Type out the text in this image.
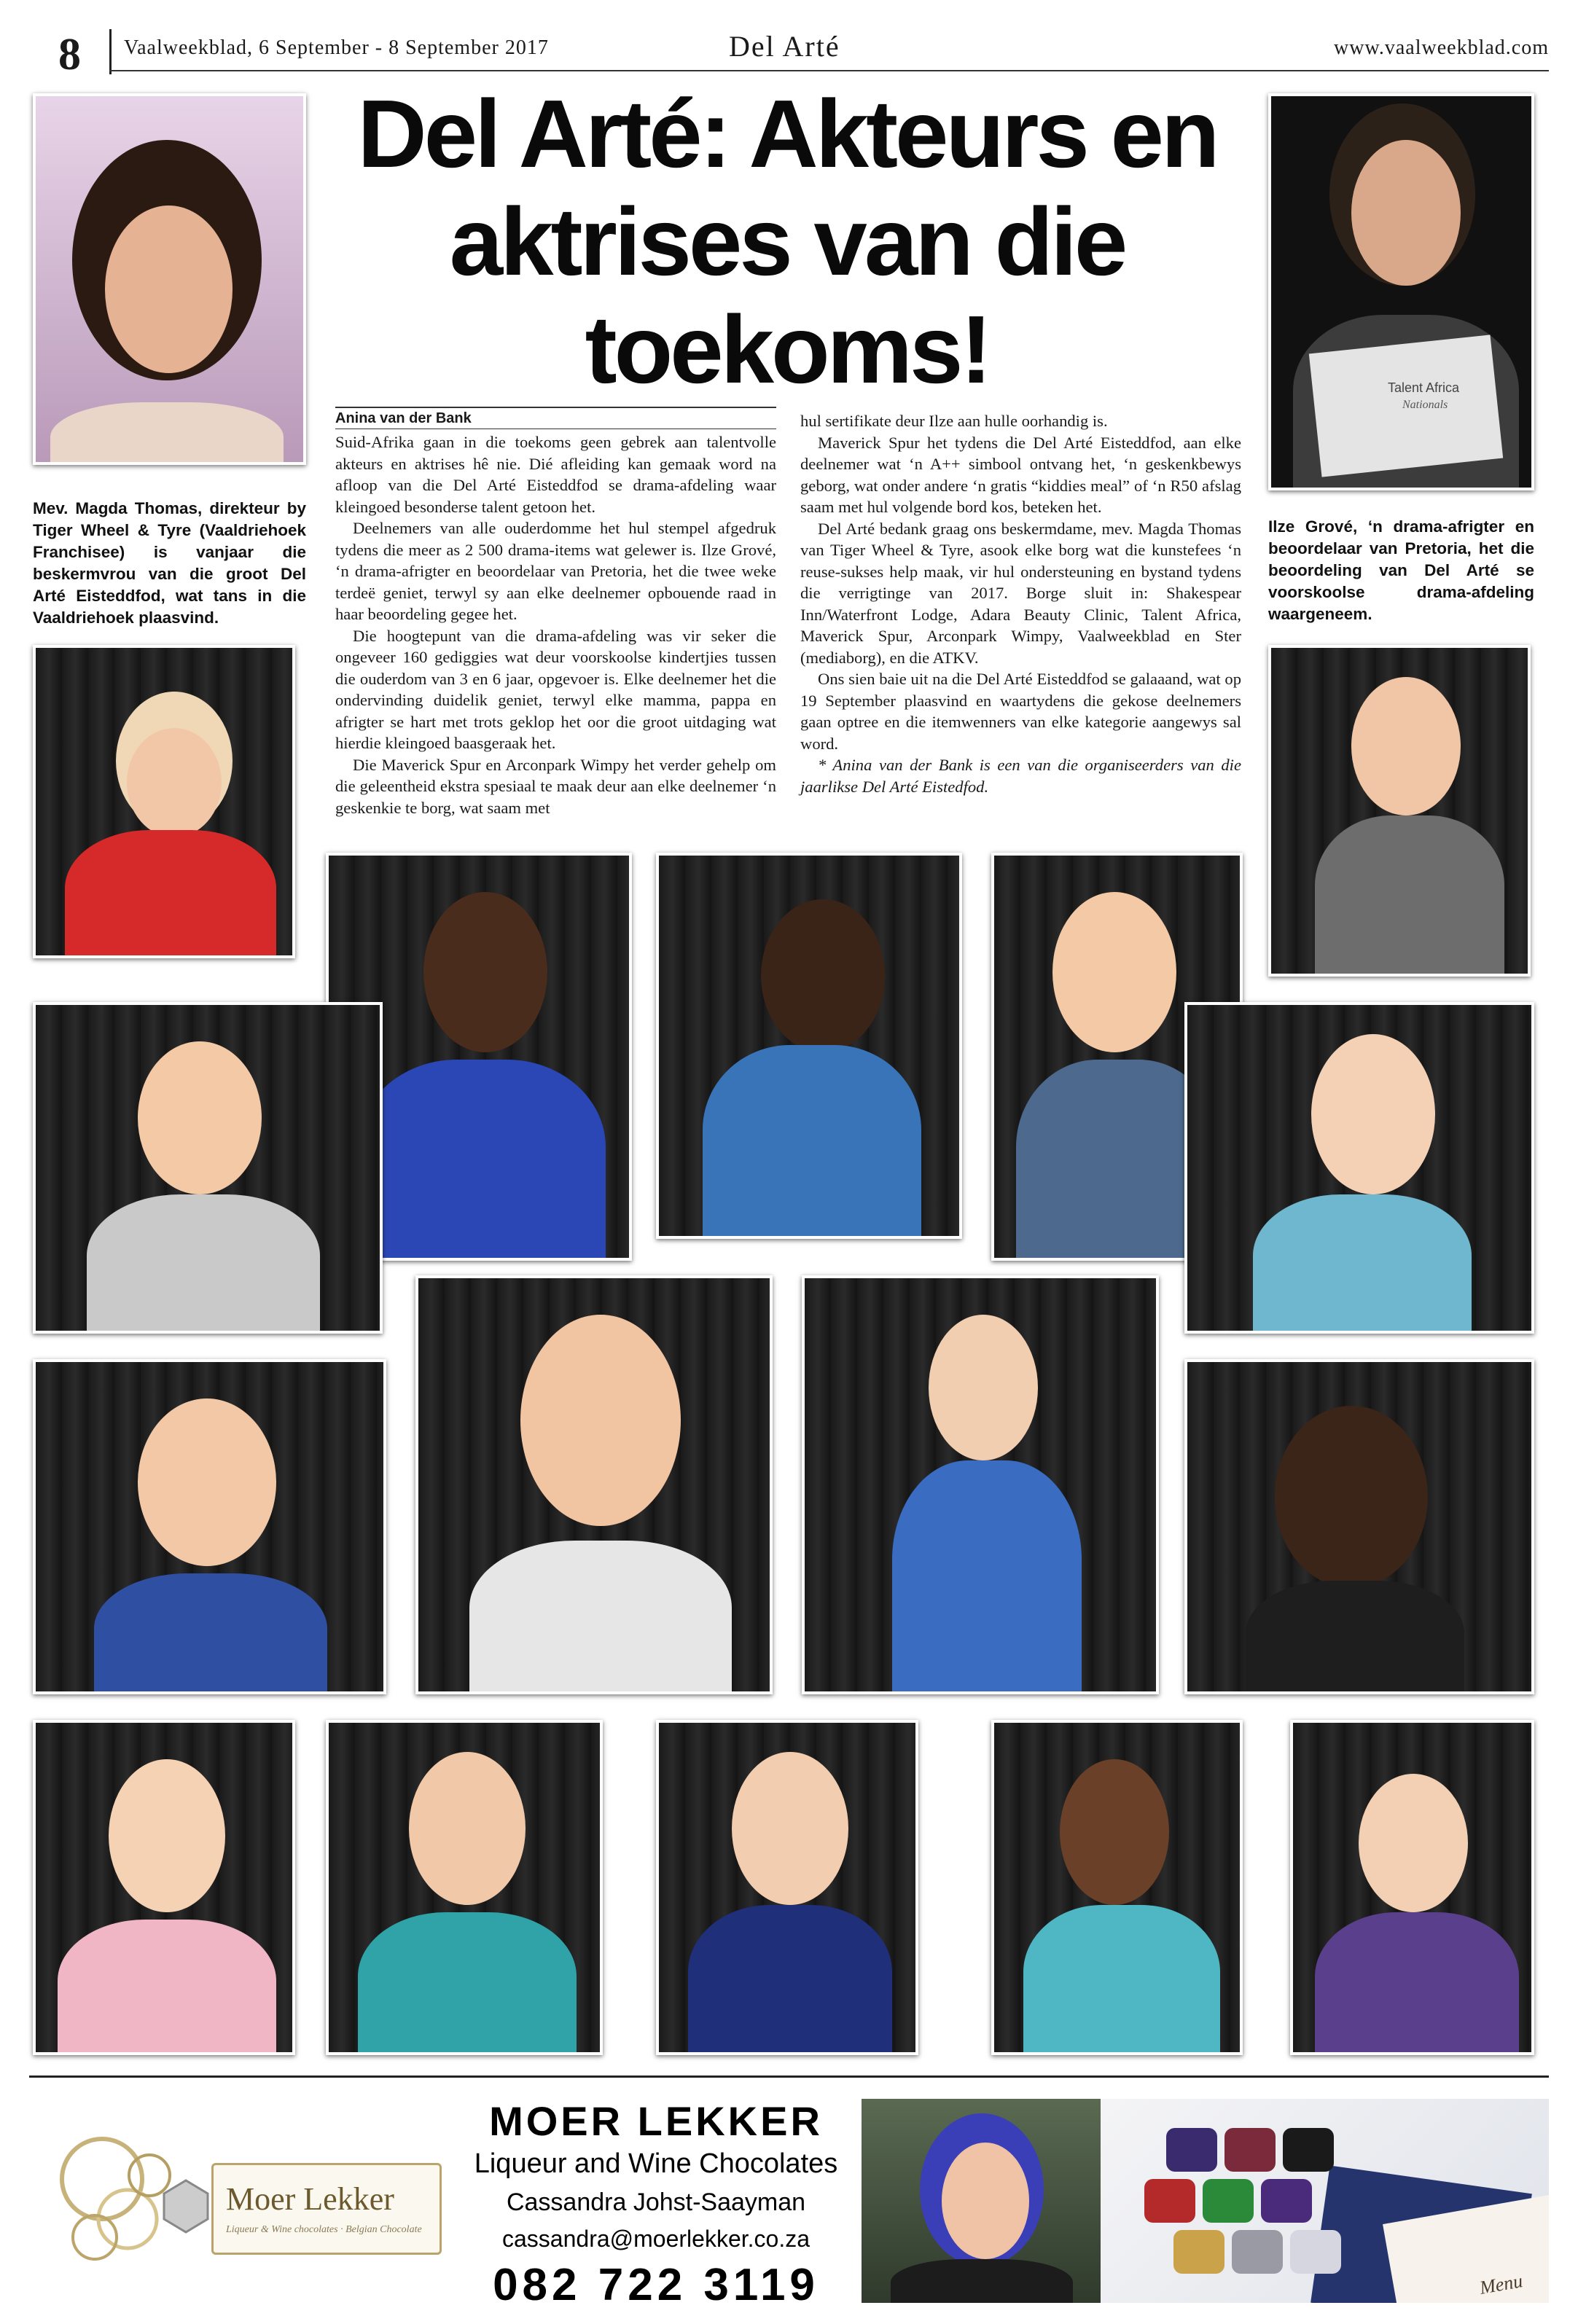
8 Vaalweekblad, 6 September - 8 September 2017	Del Arté	www.vaalweekblad.com
Del Arté: Akteurs en aktrises van die toekoms!
Mev. Magda Thomas, direkteur by Tiger Wheel & Tyre (Vaaldriehoek Franchisee) is vanjaar die beskermvrou van die groot Del Arté Eisteddfod, wat tans in die Vaaldriehoek plaasvind.
Talent Africa
Nationals
Ilze Grové, ‘n drama-afrigter en beoordelaar van Pretoria, het die beoordeling van Del Arté se voorskoolse drama-afdeling waargeneem.
Anina van der Bank

Suid-Afrika gaan in die toekoms geen gebrek aan talentvolle akteurs en aktrises hê nie. Dié afleiding kan gemaak word na afloop van die Del Arté Eisteddfod se drama-afdeling waar kleingoed besonderse talent getoon het.

Deelnemers van alle ouderdomme het hul stempel afgedruk tydens die meer as 2 500 drama-items wat gelewer is. Ilze Grové, ‘n drama-afrigter en beoordelaar van Pretoria, het die twee weke terdeë geniet, terwyl sy aan elke deelnemer opbouende raad in haar beoordeling gegee het.

Die hoogtepunt van die drama-afdeling was vir seker die ongeveer 160 gediggies wat deur voorskoolse kindertjies tussen die ouderdom van 3 en 6 jaar, opgevoer is. Elke deelnemer het die ondervinding duidelik geniet, terwyl elke mamma, pappa en afrigter se hart met trots geklop het oor die groot uitdaging wat hierdie kleingoed baasgeraak het.

Die Maverick Spur en Arconpark Wimpy het verder gehelp om die geleentheid ekstra spesiaal te maak deur aan elke deelnemer ‘n geskenkie te borg, wat saam met

hul sertifikate deur Ilze aan hulle oorhandig is.

Maverick Spur het tydens die Del Arté Eisteddfod, aan elke deelnemer wat ‘n A++ simbool ontvang het, ‘n geskenkbewys geborg, wat onder andere ‘n gratis “kiddies meal” of ‘n R50 afslag saam met hul volgende bord kos, beteken het.

Del Arté bedank graag ons beskermdame, mev. Magda Thomas van Tiger Wheel & Tyre, asook elke borg wat die kunstefees ‘n reuse-sukses help maak, vir hul ondersteuning en bystand tydens die verrigtinge van 2017. Borge sluit in: Shakespear Inn/Waterfront Lodge, Adara Beauty Clinic, Talent Africa, Maverick Spur, Arconpark Wimpy, Vaalweekblad en Ster (mediaborg), en die ATKV.

Ons sien baie uit na die Del Arté Eisteddfod se galaaand, wat op 19 September plaasvind en waartydens die gekose deelnemers gaan optree en die itemwenners van elke kategorie aangewys sal word.

* Anina van der Bank is een van die organiseerders van die jaarlikse Del Arté Eistedfod.

Moer Lekker
Liqueur & Wine chocolates · Belgian Chocolate
MOER LEKKER
Liqueur and Wine Chocolates
Cassandra Johst-Saayman
cassandra@moerlekker.co.za
082 722 3119	Menu
